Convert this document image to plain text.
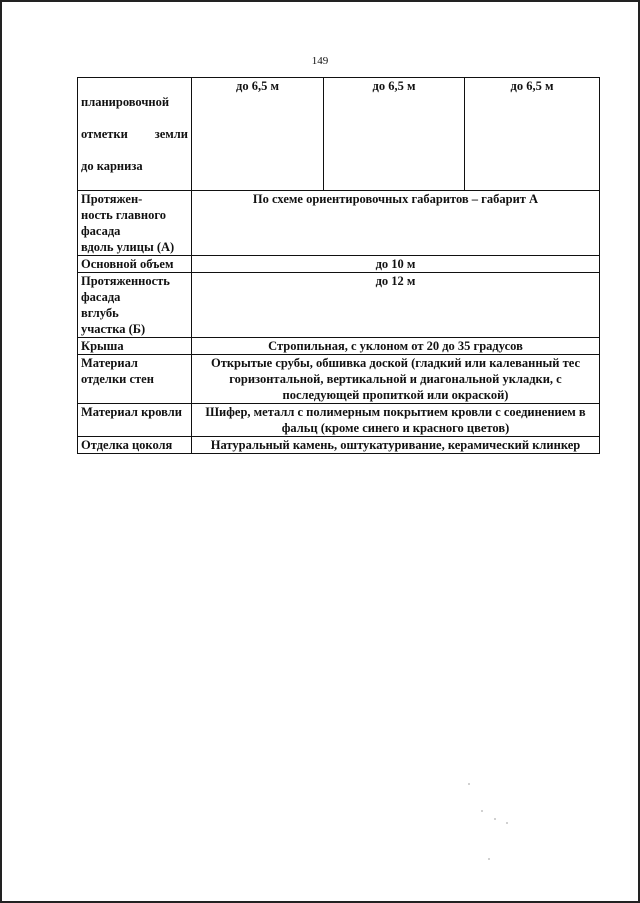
149

планировочной

отметки земли

до карниза	до 6,5 м	до 6,5 м	до 6,5 м
Протяжен-
ность главного
фасада
вдоль улицы (А)	По схеме ориентировочных габаритов – габарит А		
Основной объем	до 10 м		
Протяженность
фасада
вглубь
участка (Б)	до 12 м		
Крыша	Стропильная, с уклоном от 20 до 35 градусов		
Материал
отделки стен	Открытые срубы, обшивка доской (гладкий или калеванный тес горизонтальной, вертикальной и диагональной укладки, с последующей пропиткой или окраской)		
Материал кровли	Шифер, металл с полимерным покрытием кровли с соединением в фальц (кроме синего и красного цветов)		
Отделка цоколя	Натуральный камень, оштукатуривание, керамический клинкер		
